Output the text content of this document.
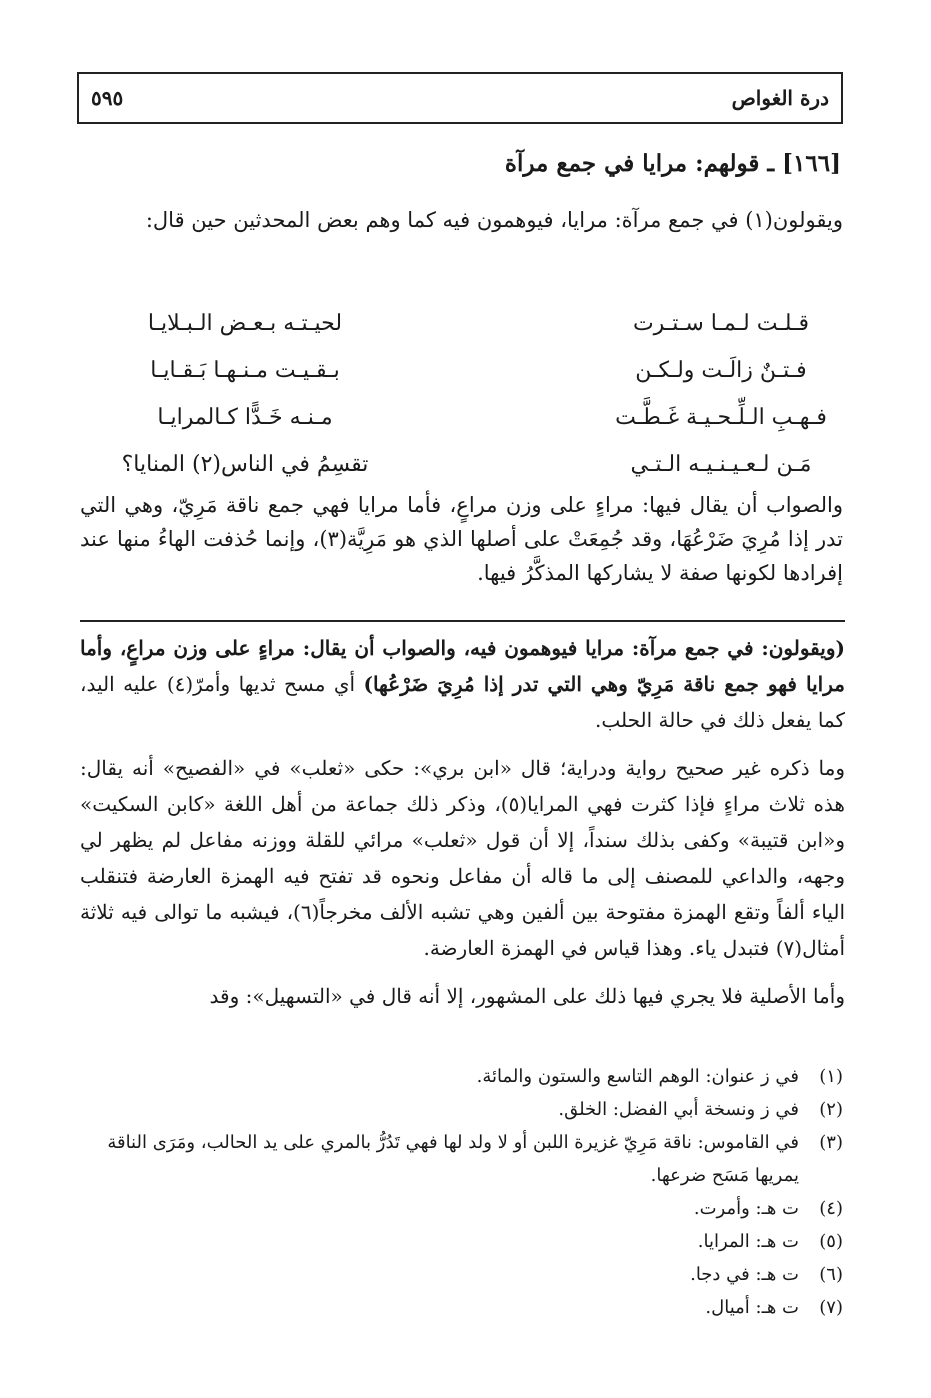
درة الغواص
٥٩٥
[١٦٦] ـ قولهم: مرايا في جمع مرآة
ويقولون(١) في جمع مرآة: مرايا، فيوهمون فيه كما وهم بعض المحدثين حين قال:
قـلـت لـمـا سـتـرت
لحيـتـه بـعـض الـبـلايـا
فـتـنٌ زالَـت ولـكـن
بـقـيـت مـنـهـا بَـقـايـا
فـهـبِ الـلِّـحـيـة غَـطَّـت
مـنـه خَـدًّا كـالمرايـا
مَـن لـعـيـنـيـه الـتـي
تقسِمُ في الناس(٢) المنايا؟
والصواب أن يقال فيها: مراءٍ على وزن مراعٍ، فأما مرايا فهي جمع ناقة مَرِيّ، وهي التي تدر إذا مُرِيَ ضَرْعُهَا، وقد جُمِعَتْ على أصلها الذي هو مَرِيَّة(٣)، وإنما حُذفت الهاءُ منها عند إفرادها لكونها صفة لا يشاركها المذكَّرُ فيها.

(ويقولون: في جمع مرآة: مرايا فيوهمون فيه، والصواب أن يقال: مراءٍ على وزن مراعٍ، وأما مرايا فهو جمع ناقة مَرِيّ وهي التي تدر إذا مُرِيَ ضَرْعُها) أي مسح ثديها وأمرّ(٤) عليه اليد، كما يفعل ذلك في حالة الحلب.

وما ذكره غير صحيح رواية ودراية؛ قال «ابن بري»: حكى «ثعلب» في «الفصيح» أنه يقال: هذه ثلاث مراءٍ فإذا كثرت فهي المرايا(٥)، وذكر ذلك جماعة من أهل اللغة «كابن السكيت» و«ابن قتيبة» وكفى بذلك سنداً، إلا أن قول «ثعلب» مرائي للقلة ووزنه مفاعل لم يظهر لي وجهه، والداعي للمصنف إلى ما قاله أن مفاعل ونحوه قد تفتح فيه الهمزة العارضة فتنقلب الياء ألفاً وتقع الهمزة مفتوحة بين ألفين وهي تشبه الألف مخرجاً(٦)، فيشبه ما توالى فيه ثلاثة أمثال(٧) فتبدل ياء. وهذا قياس في الهمزة العارضة.

وأما الأصلية فلا يجري فيها ذلك على المشهور، إلا أنه قال في «التسهيل»: وقد

(١)
في ز عنوان: الوهم التاسع والستون والمائة.
(٢)
في ز ونسخة أبي الفضل: الخلق.
(٣)
في القاموس: ناقة مَرِيّ غزيرة اللبن أو لا ولد لها فهي تَدُرُّ بالمري على يد الحالب، ومَرَى الناقة يمريها مَسَح ضرعها.
(٤)
ت هـ: وأمرت.
(٥)
ت هـ: المرايا.
(٦)
ت هـ: في دجا.
(٧)
ت هـ: أميال.
